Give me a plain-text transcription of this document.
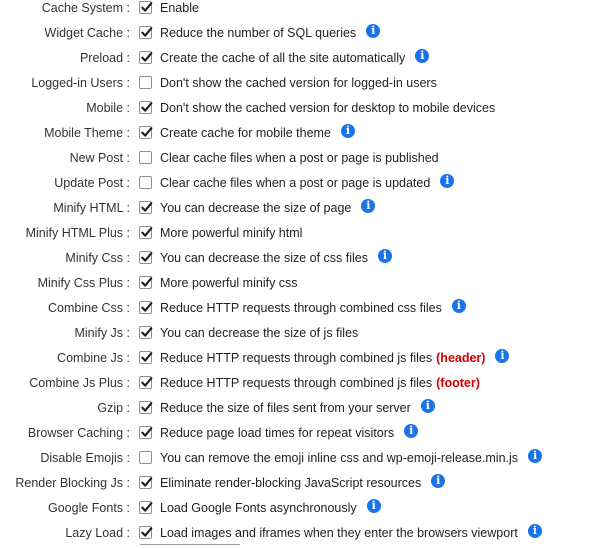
Cache System : Enable
Widget Cache : Reduce the number of SQL queries i
Preload : Create the cache of all the site automatically i
Logged-in Users : Don't show the cached version for logged-in users
Mobile : Don't show the cached version for desktop to mobile devices
Mobile Theme : Create cache for mobile theme i
New Post : Clear cache files when a post or page is published
Update Post : Clear cache files when a post or page is updated i
Minify HTML : You can decrease the size of page i
Minify HTML Plus : More powerful minify html
Minify Css : You can decrease the size of css files i
Minify Css Plus : More powerful minify css
Combine Css : Reduce HTTP requests through combined css files i
Minify Js : You can decrease the size of js files
Combine Js : Reduce HTTP requests through combined js files (header) i
Combine Js Plus : Reduce HTTP requests through combined js files (footer)
Gzip : Reduce the size of files sent from your server i
Browser Caching : Reduce page load times for repeat visitors i
Disable Emojis : You can remove the emoji inline css and wp-emoji-release.min.js i
Render Blocking Js : Eliminate render-blocking JavaScript resources i
Google Fonts : Load Google Fonts asynchronously i
Lazy Load : Load images and iframes when they enter the browsers viewport i
